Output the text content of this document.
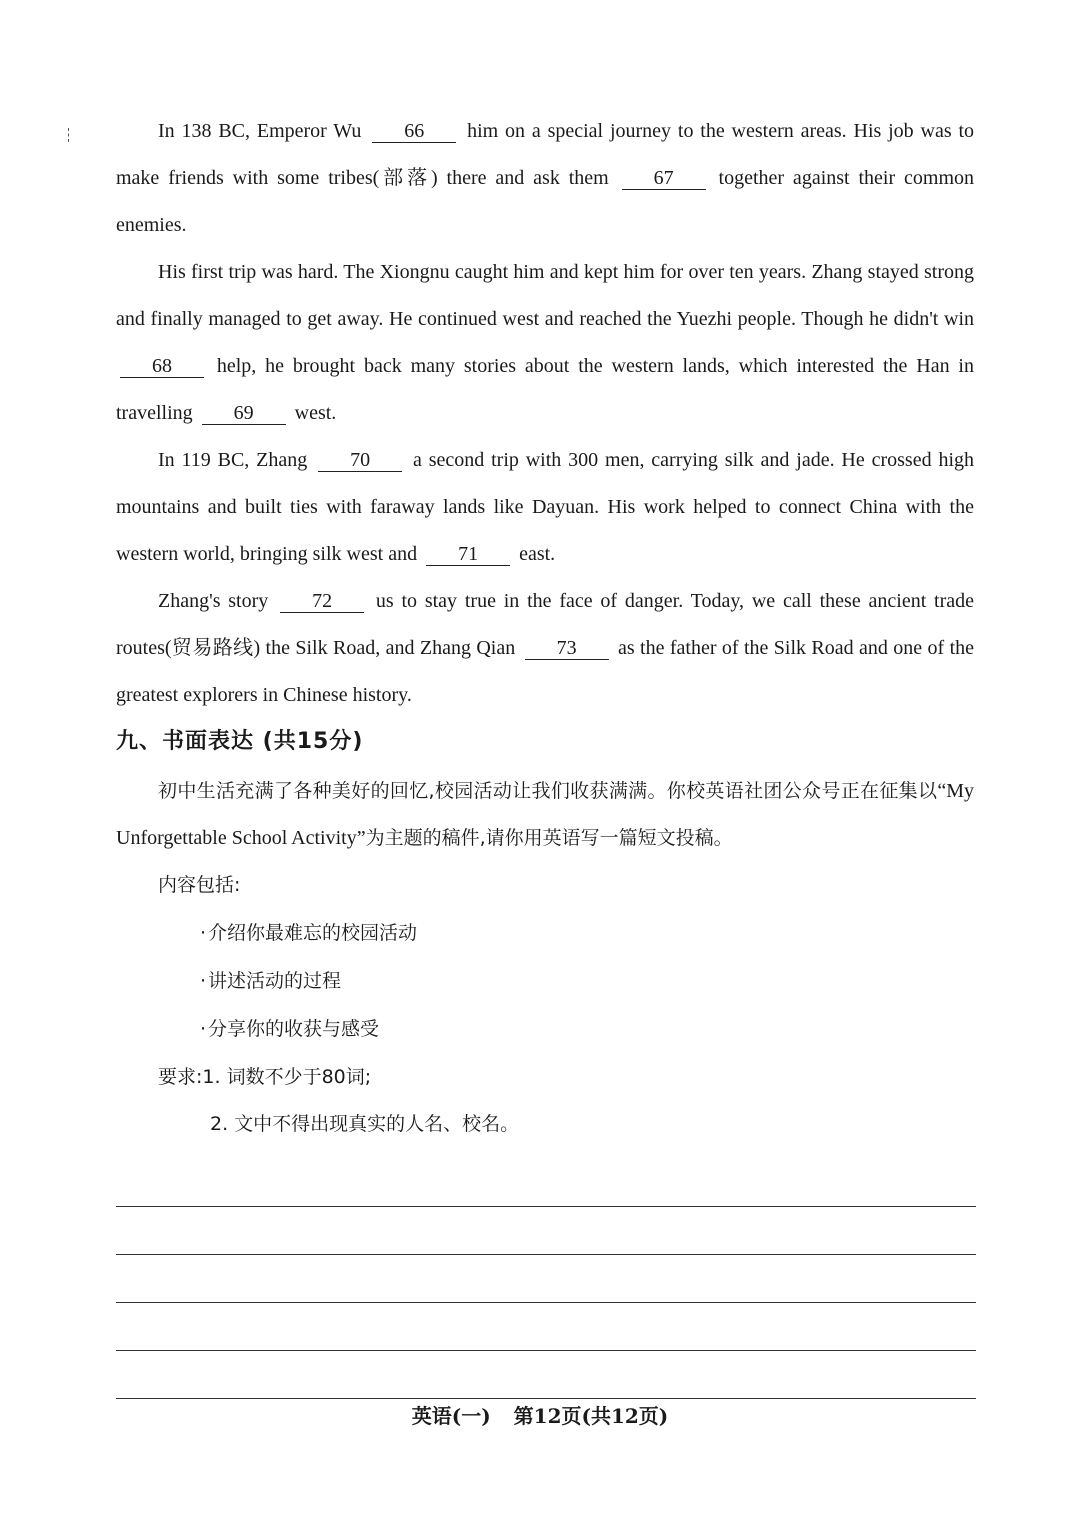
In 138 BC, Emperor Wu 66 him on a special journey to the western areas. His job was to make friends with some tribes(部落) there and ask them 67 together against their common enemies.

His first trip was hard. The Xiongnu caught him and kept him for over ten years. Zhang stayed strong and finally managed to get away. He continued west and reached the Yuezhi people. Though he didn't win 68 help, he brought back many stories about the western lands, which interested the Han in travelling 69 west.

In 119 BC, Zhang 70 a second trip with 300 men, carrying silk and jade. He crossed high mountains and built ties with faraway lands like Dayuan. His work helped to connect China with the western world, bringing silk west and 71 east.

Zhang's story 72 us to stay true in the face of danger. Today, we call these ancient trade routes(贸易路线) the Silk Road, and Zhang Qian 73 as the father of the Silk Road and one of the greatest explorers in Chinese history.

九、书面表达 (共15分)

初中生活充满了各种美好的回忆,校园活动让我们收获满满。你校英语社团公众号正在征集以“My Unforgettable School Activity”为主题的稿件,请你用英语写一篇短文投稿。

内容包括:
· 介绍你最难忘的校园活动
· 讲述活动的过程
· 分享你的收获与感受
要求:1. 词数不少于80词;
2. 文中不得出现真实的人名、校名。
英语(一) 第12页(共12页)
